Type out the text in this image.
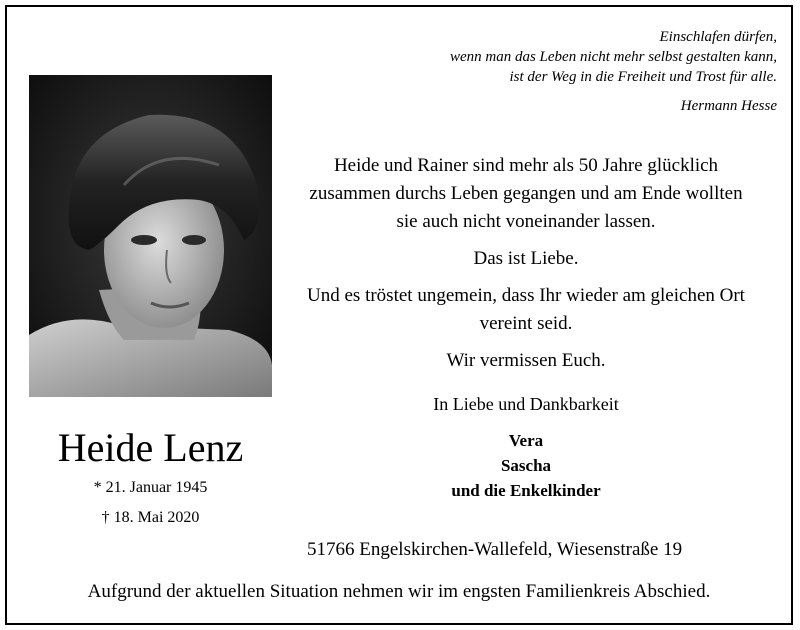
Einschlafen dürfen,
wenn man das Leben nicht mehr selbst gestalten kann,
ist der Weg in die Freiheit und Trost für alle.
Hermann Hesse
Heide Lenz
* 21. Januar 1945
† 18. Mai 2020

Heide und Rainer sind mehr als 50 Jahre glücklich zusammen durchs Leben gegangen und am Ende wollten sie auch nicht voneinander lassen.

Das ist Liebe.

Und es tröstet ungemein, dass Ihr wieder am gleichen Ort vereint seid.

Wir vermissen Euch.

In Liebe und Dankbarkeit
Vera
Sascha
und die Enkelkinder
51766 Engelskirchen-Wallefeld, Wiesenstraße 19
Aufgrund der aktuellen Situation nehmen wir im engsten Familienkreis Abschied.
